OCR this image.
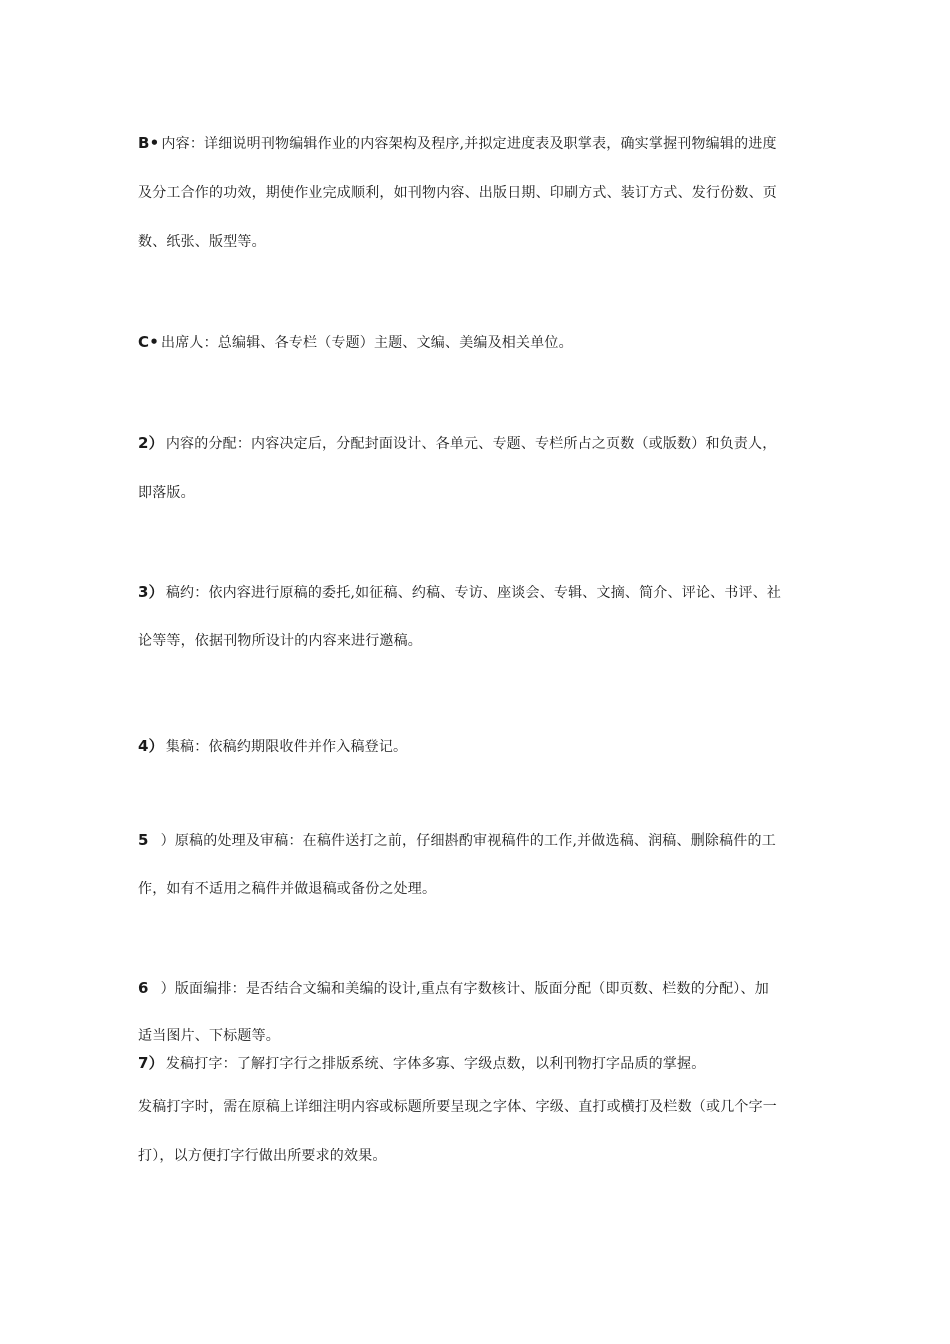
B• 内容：详细说明刊物编辑作业的内容架构及程序,并拟定进度表及职掌表，确实掌握刊物编辑的进度
及分工合作的功效，期使作业完成顺利，如刊物内容、出版日期、印刷方式、装订方式、发行份数、页
数、纸张、版型等。
C• 出席人：总编辑、各专栏（专题）主题、文编、美编及相关单位。
2） 内容的分配：内容决定后，分配封面设计、各单元、专题、专栏所占之页数（或版数）和负责人，
即落版。
3） 稿约：依内容进行原稿的委托,如征稿、约稿、专访、座谈会、专辑、文摘、简介、评论、书评、社
论等等，依据刊物所设计的内容来进行邀稿。
4） 集稿：依稿约期限收件并作入稿登记。
5 ）原稿的处理及审稿：在稿件送打之前，仔细斟酌审视稿件的工作,并做选稿、润稿、删除稿件的工
作，如有不适用之稿件并做退稿或备份之处理。
6 ）版面编排：是否结合文编和美编的设计,重点有字数核计、版面分配（即页数、栏数的分配）、加
适当图片、下标题等。
7） 发稿打字：了解打字行之排版系统、字体多寡、字级点数，以利刊物打字品质的掌握。
发稿打字时，需在原稿上详细注明内容或标题所要呈现之字体、字级、直打或横打及栏数（或几个字一
打），以方便打字行做出所要求的效果。
